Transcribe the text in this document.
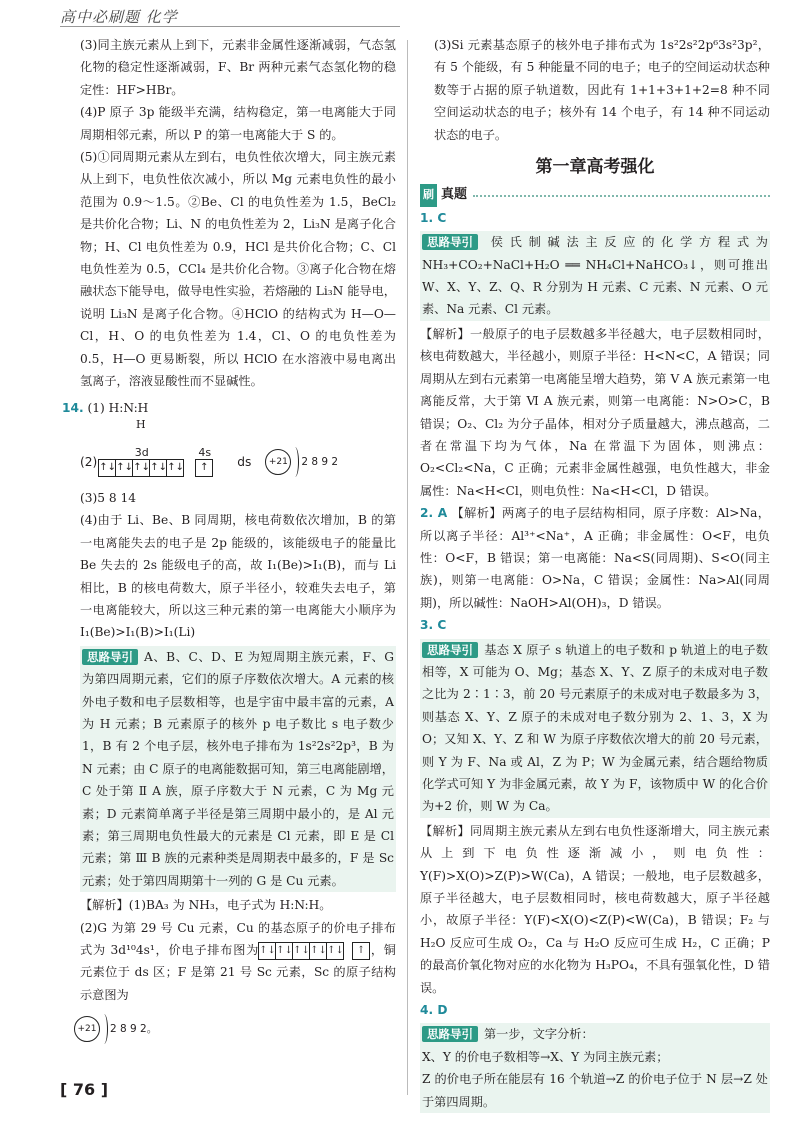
高中必刷题 化学

(3)同主族元素从上到下，元素非金属性逐渐减弱，气态氢化物的稳定性逐渐减弱，F、Br 两种元素气态氢化物的稳定性：HF>HBr。

(4)P 原子 3p 能级半充满，结构稳定，第一电离能大于同周期相邻元素，所以 P 的第一电离能大于 S 的。

(5)①同周期元素从左到右，电负性依次增大，同主族元素从上到下，电负性依次减小，所以 Mg 元素电负性的最小范围为 0.9～1.5。②Be、Cl 的电负性差为 1.5，BeCl₂ 是共价化合物；Li、N 的电负性差为 2，Li₃N 是离子化合物；H、Cl 电负性差为 0.9，HCl 是共价化合物；C、Cl 电负性差为 0.5，CCl₄ 是共价化合物。③离子化合物在熔融状态下能导电，做导电性实验，若熔融的 Li₃N 能导电，说明 Li₃N 是离子化合物。④HClO 的结构式为 H—O—Cl，H、O 的电负性差为 1.4，Cl、O 的电负性差为 0.5，H—O 更易断裂，所以 HClO 在水溶液中易电离出氢离子，溶液显酸性而不显碱性。

14. (1) H:N:H
H
(2)
3d
↑↓ ↑↓ ↑↓ ↑↓ ↑↓
4s
↑	ds	+21	2 8 9 2

(3)5 8 14

(4)由于 Li、Be、B 同周期，核电荷数依次增加，B 的第一电离能失去的电子是 2p 能级的，该能级电子的能量比 Be 失去的 2s 能级电子的高，故 I₁(Be)>I₁(B)，而与 Li 相比，B 的核电荷数大，原子半径小，较难失去电子，第一电离能较大，所以这三种元素的第一电离能大小顺序为 I₁(Be)>I₁(B)>I₁(Li)

思路导引 A、B、C、D、E 为短周期主族元素，F、G 为第四周期元素，它们的原子序数依次增大。A 元素的核外电子数和电子层数相等，也是宇宙中最丰富的元素，A 为 H 元素；B 元素原子的核外 p 电子数比 s 电子数少 1，B 有 2 个电子层，核外电子排布为 1s²2s²2p³，B 为 N 元素；由 C 原子的电离能数据可知，第三电离能剧增，C 处于第 Ⅱ A 族，原子序数大于 N 元素，C 为 Mg 元素；D 元素简单离子半径是第三周期中最小的，是 Al 元素；第三周期电负性最大的元素是 Cl 元素，即 E 是 Cl 元素；第 Ⅲ B 族的元素种类是周期表中最多的，F 是 Sc 元素；处于第四周期第十一列的 G 是 Cu 元素。

【解析】(1)BA₃ 为 NH₃，电子式为 H:N:H。

(2)G 为第 29 号 Cu 元素，Cu 的基态原子的价电子排布式为 3d¹⁰4s¹，价电子排布图为 ↑↓ ↑↓ ↑↓ ↑↓ ↑↓	↑ ，铜元素位于 ds 区；F 是第 21 号 Sc 元素，Sc 的原子结构示意图为

+21	2 8 9 2。

(3)Si 元素基态原子的核外电子排布式为 1s²2s²2p⁶3s²3p²，有 5 个能级，有 5 种能量不同的电子；电子的空间运动状态种数等于占据的原子轨道数，因此有 1+1+3+1+2=8 种不同空间运动状态的电子；核外有 14 个电子，有 14 种不同运动状态的电子。

第一章高考强化
刷 真题
1. C

思路导引 侯氏制碱法主反应的化学方程式为 NH₃+CO₂+NaCl+H₂O ══ NH₄Cl+NaHCO₃↓，则可推出 W、X、Y、Z、Q、R 分别为 H 元素、C 元素、N 元素、O 元素、Na 元素、Cl 元素。

【解析】一般原子的电子层数越多半径越大，电子层数相同时，核电荷数越大，半径越小，则原子半径：H<N<C，A 错误；同周期从左到右元素第一电离能呈增大趋势，第 V A 族元素第一电离能反常，大于第 Ⅵ A 族元素，则第一电离能：N>O>C，B 错误；O₂、Cl₂ 为分子晶体，相对分子质量越大，沸点越高，二者在常温下均为气体，Na 在常温下为固体，则沸点：O₂<Cl₂<Na，C 正确；元素非金属性越强，电负性越大，非金属性：Na<H<Cl，则电负性：Na<H<Cl，D 错误。

2. A 【解析】两离子的电子层结构相同，原子序数：Al>Na，所以离子半径：Al³⁺<Na⁺，A 正确；非金属性：O<F，电负性：O<F，B 错误；第一电离能：Na<S(同周期)、S<O(同主族)，则第一电离能：O>Na，C 错误；金属性：Na>Al(同周期)，所以碱性：NaOH>Al(OH)₃，D 错误。

3. C

思路导引 基态 X 原子 s 轨道上的电子数和 p 轨道上的电子数相等，X 可能为 O、Mg；基态 X、Y、Z 原子的未成对电子数之比为 2∶1∶3，前 20 号元素原子的未成对电子数最多为 3，则基态 X、Y、Z 原子的未成对电子数分别为 2、1、3，X 为 O；又知 X、Y、Z 和 W 为原子序数依次增大的前 20 号元素，则 Y 为 F、Na 或 Al，Z 为 P；W 为金属元素，结合题给物质化学式可知 Y 为非金属元素，故 Y 为 F，该物质中 W 的化合价为+2 价，则 W 为 Ca。

【解析】同周期主族元素从左到右电负性逐渐增大，同主族元素从上到下电负性逐渐减小，则电负性：Y(F)>X(O)>Z(P)>W(Ca)，A 错误；一般地，电子层数越多，原子半径越大，电子层数相同时，核电荷数越大，原子半径越小，故原子半径：Y(F)<X(O)<Z(P)<W(Ca)，B 错误；F₂ 与 H₂O 反应可生成 O₂，Ca 与 H₂O 反应可生成 H₂，C 正确；P 的最高价氧化物对应的水化物为 H₃PO₄，不具有强氧化性，D 错误。

4. D

思路导引 第一步，文字分析：

X、Y 的价电子数相等→X、Y 为同主族元素；

Z 的价电子所在能层有 16 个轨道→Z 的价电子位于 N 层→Z 处于第四周期。

[ 76 ]
